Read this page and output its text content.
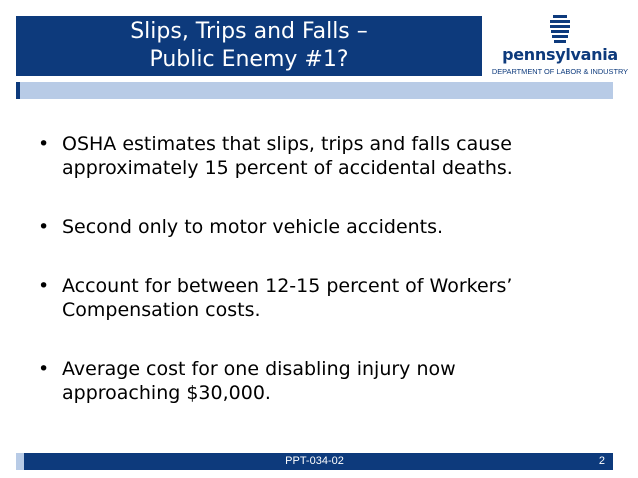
Slips, Trips and Falls –
Public Enemy #1?	pennsylvania
DEPARTMENT OF LABOR & INDUSTRY
• OSHA estimates that slips, trips and falls cause
approximately 15 percent of accidental deaths.
• Second only to motor vehicle accidents.
• Account for between 12-15 percent of Workers’
Compensation costs.
• Average cost for one disabling injury now
approaching $30,000.
PPT-034-02	2
